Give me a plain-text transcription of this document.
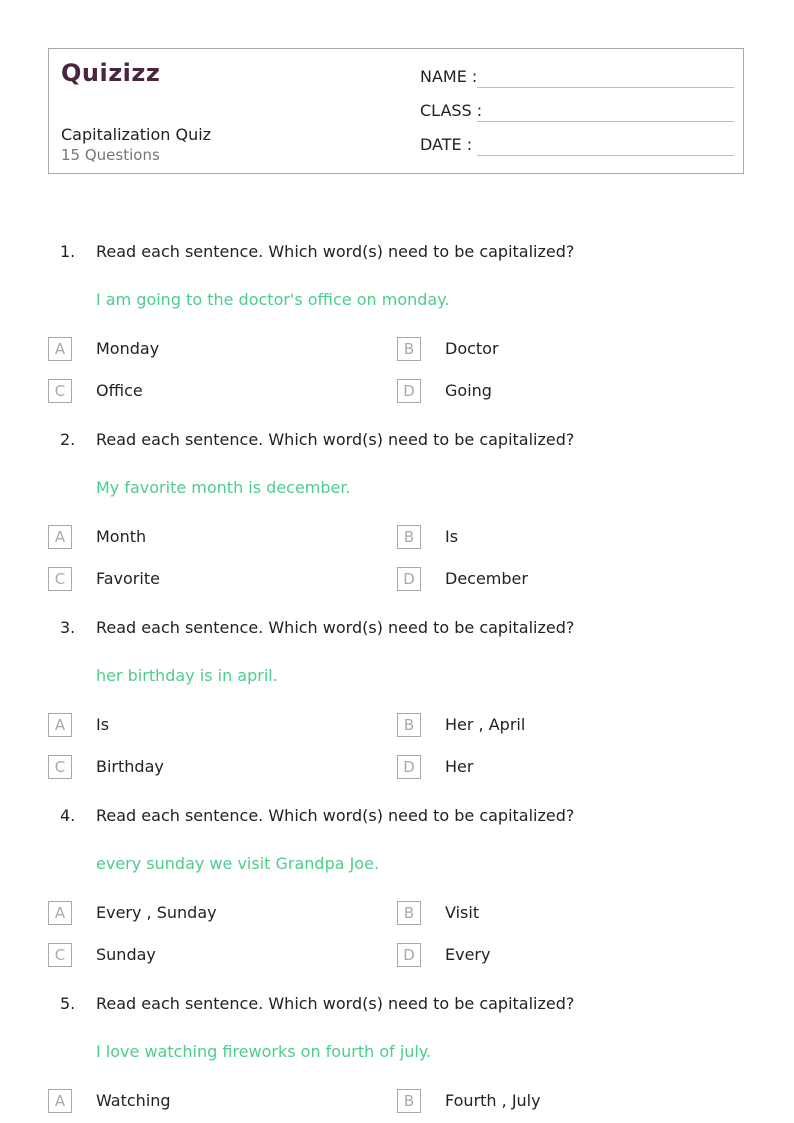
Quizizz
Capitalization Quiz
15 Questions
NAME :
CLASS :
DATE :
1. Read each sentence. Which word(s) need to be capitalized?
I am going to the doctor's office on monday.
A	Monday	B	Doctor
C	Office	D	Going
2. Read each sentence. Which word(s) need to be capitalized?
My favorite month is december.
A	Month	B	Is
C	Favorite	D	December
3. Read each sentence. Which word(s) need to be capitalized?
her birthday is in april.
A	Is	B	Her , April
C	Birthday	D	Her
4. Read each sentence. Which word(s) need to be capitalized?
every sunday we visit Grandpa Joe.
A	Every , Sunday	B	Visit
C	Sunday	D	Every
5. Read each sentence. Which word(s) need to be capitalized?
I love watching fireworks on fourth of july.
A	Watching	B	Fourth , July
